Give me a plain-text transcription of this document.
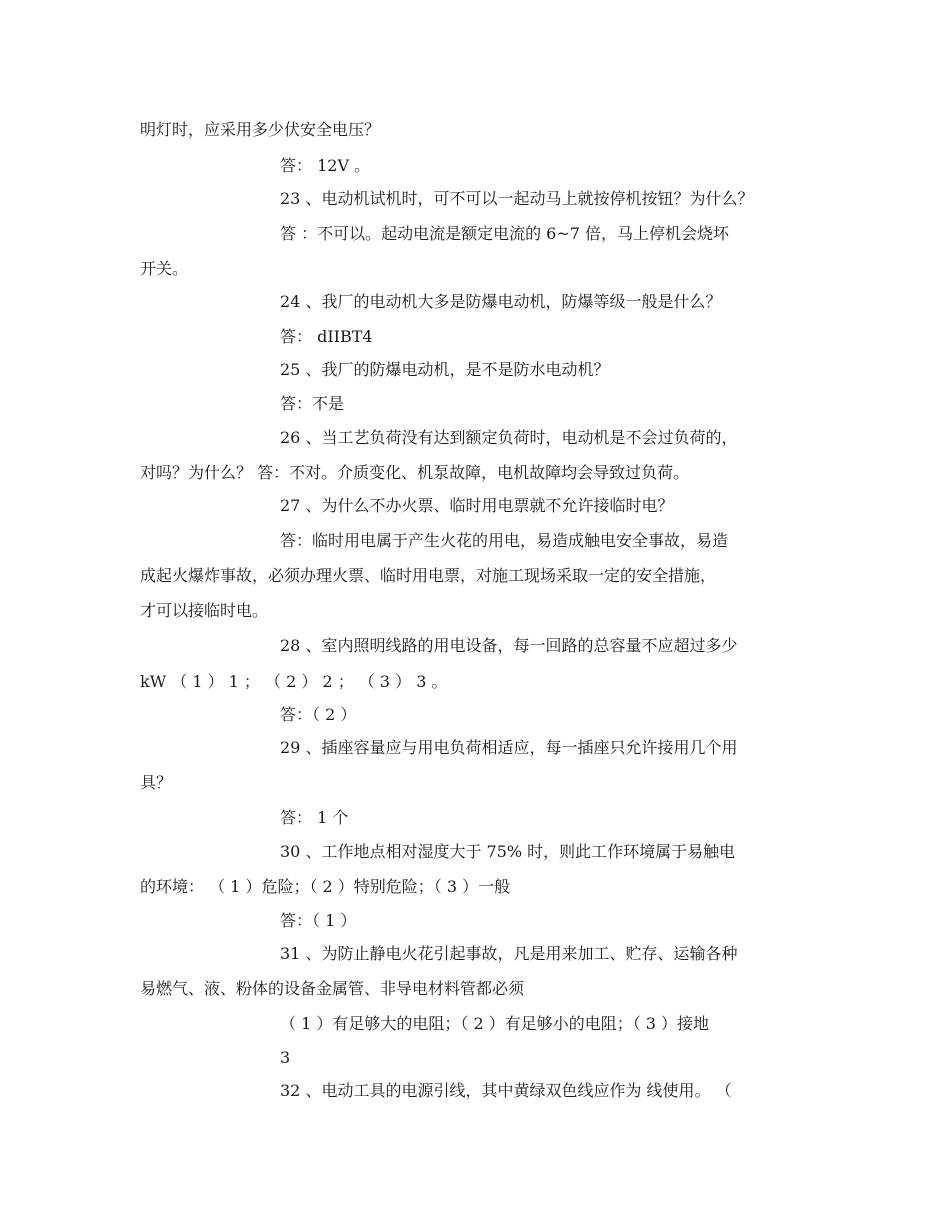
明灯时，应采用多少伏安全电压？
答： 12V 。
23 、电动机试机时，可不可以一起动马上就按停机按钮？为什么？
答 ：不可以。起动电流是额定电流的 6~7 倍，马上停机会烧坏
开关。
24 、我厂的电动机大多是防爆电动机，防爆等级一般是什么？
答： dIIBT4
25 、我厂的防爆电动机，是不是防水电动机？
答：不是
26 、当工艺负荷没有达到额定负荷时，电动机是不会过负荷的，
对吗？为什么？ 答：不对。介质变化、机泵故障，电机故障均会导致过负荷。
27 、为什么不办火票、临时用电票就不允许接临时电？
答：临时用电属于产生火花的用电，易造成触电安全事故，易造
成起火爆炸事故，必须办理火票、临时用电票，对施工现场采取一定的安全措施，
才可以接临时电。
28 、室内照明线路的用电设备，每一回路的总容量不应超过多少
kW （ 1 ） 1 ； （ 2 ） 2 ； （ 3 ） 3 。
答：（ 2 ）
29 、插座容量应与用电负荷相适应，每一插座只允许接用几个用
具？
答： 1 个
30 、工作地点相对湿度大于 75% 时，则此工作环境属于易触电
的环境： （ 1 ）危险；（ 2 ）特别危险；（ 3 ）一般
答：（ 1 ）
31 、为防止静电火花引起事故，凡是用来加工、贮存、运输各种
易燃气、液、粉体的设备金属管、非导电材料管都必须
（ 1 ）有足够大的电阻；（ 2 ）有足够小的电阻；（ 3 ）接地
3
32 、电动工具的电源引线，其中黄绿双色线应作为 线使用。 （
